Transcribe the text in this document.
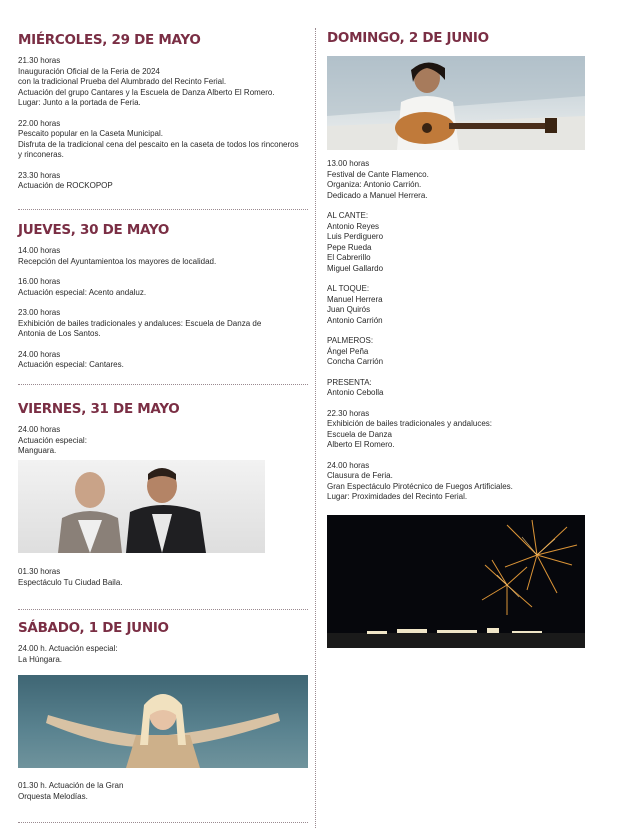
MIÉRCOLES, 29 DE MAYO
21.30 horas
Inauguración Oficial de la Feria de 2024
con la tradicional Prueba del Alumbrado del Recinto Ferial.
Actuación del grupo Cantares y la Escuela de Danza Alberto El Romero.
Lugar: Junto a la portada de Feria.
22.00 horas
Pescaito popular en la Caseta Municipal.
Disfruta de la tradicional cena del pescaito en la caseta de todos los rinconeros
y rinconeras.
23.30 horas
Actuación de ROCKOPOP
JUEVES, 30 DE MAYO
14.00 horas
Recepción del Ayuntamientoa los mayores de localidad.
16.00 horas
Actuación especial: Acento andaluz.
23.00 horas
Exhibición de bailes tradicionales y andaluces: Escuela de Danza de
Antonia de Los Santos.
24.00 horas
Actuación especial: Cantares.
VIERNES, 31 DE MAYO
24.00 horas
Actuación especial:
Manguara.
01.30 horas
Espectáculo Tu Ciudad Baila.
SÁBADO, 1 DE JUNIO
24.00 h. Actuación especial:
La Húngara.
01.30 h. Actuación de la Gran
Orquesta Melodías.
DOMINGO, 2 DE JUNIO
13.00 horas
Festival de Cante Flamenco.
Organiza: Antonio Carrión.
Dedicado a Manuel Herrera.
AL CANTE:
Antonio Reyes
Luis Perdiguero
Pepe Rueda
El Cabrerillo
Miguel Gallardo
AL TOQUE:
Manuel Herrera
Juan Quirós
Antonio Carrión
PALMEROS:
Ángel Peña
Concha Carrión
PRESENTA:
Antonio Cebolla
22.30 horas
Exhibición de bailes tradicionales y andaluces:
Escuela de Danza
Alberto El Romero.
24.00 horas
Clausura de Feria.
Gran Espectáculo Pirotécnico de Fuegos Artificiales.
Lugar: Proximidades del Recinto Ferial.
